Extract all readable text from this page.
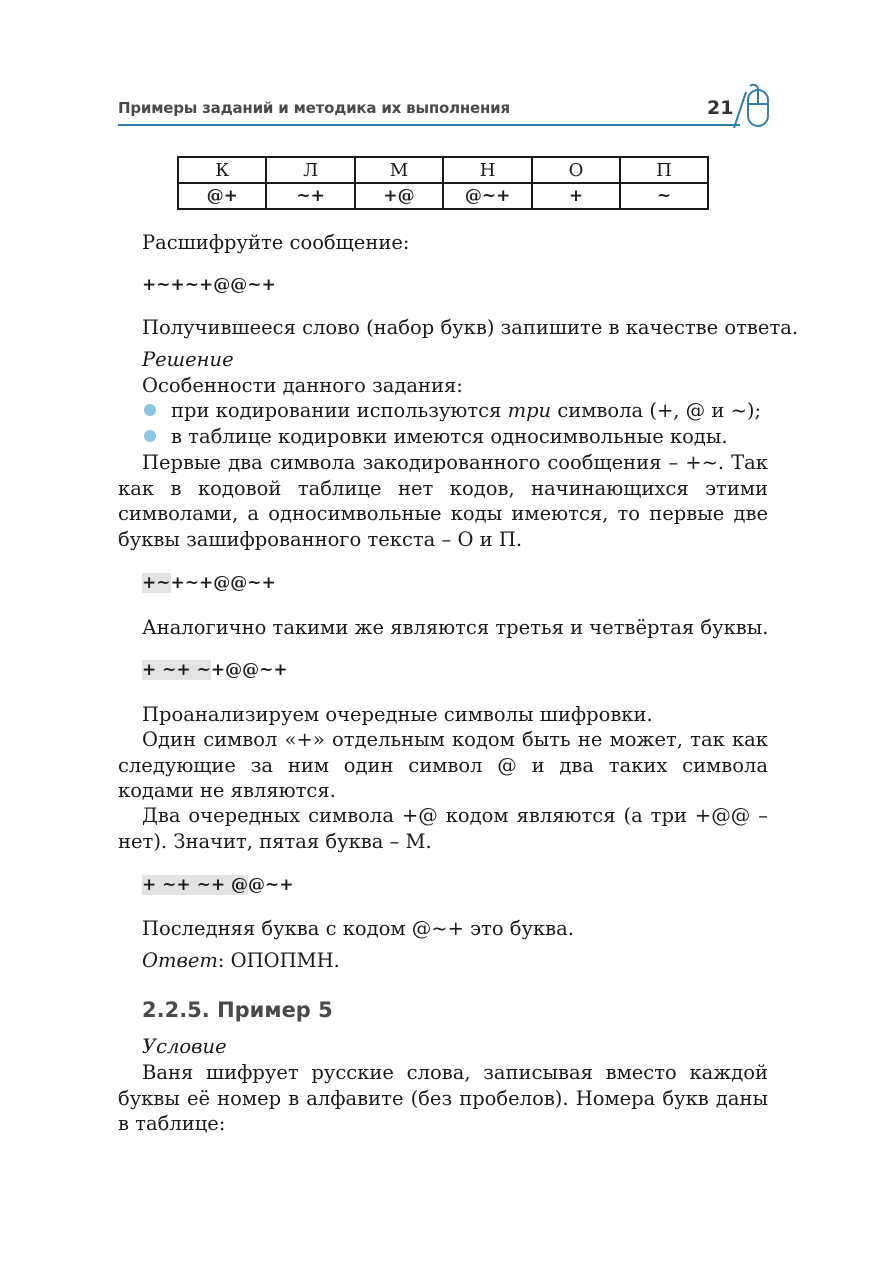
Примеры заданий и методика их выполнения	21
К	Л	М	Н	О	П
@+	~+	+@	@~+	+	~
Расшифруйте сообщение:
+~+~+@@~+
Получившееся слово (набор букв) запишите в качестве ответа.
Решение
Особенности данного задания:
при кодировании используются три символа (+, @ и ~);
в таблице кодировки имеются односимвольные коды.
Первые два символа закодированного сообщения – +~. Так как в кодовой таблице нет кодов, начинающихся этими символами, а односимвольные коды имеются, то первые две буквы зашифрованного текста – О и П.
+~+~+@@~+
Аналогично такими же являются третья и четвёртая буквы.
+ ~+ ~+@@~+
Проанализируем очередные символы шифровки.
Один символ «+» отдельным кодом быть не может, так как следующие за ним один символ @ и два таких символа кодами не являются.
Два очередных символа +@ кодом являются (а три +@@ – нет). Значит, пятая буква – М.
+ ~+ ~+ @@~+
Последняя буква с кодом @~+ это буква.
Ответ: ОПОПМН.
2.2.5. Пример 5
Условие
Ваня шифрует русские слова, записывая вместо каждой буквы её номер в алфавите (без пробелов). Номера букв даны в таблице:
